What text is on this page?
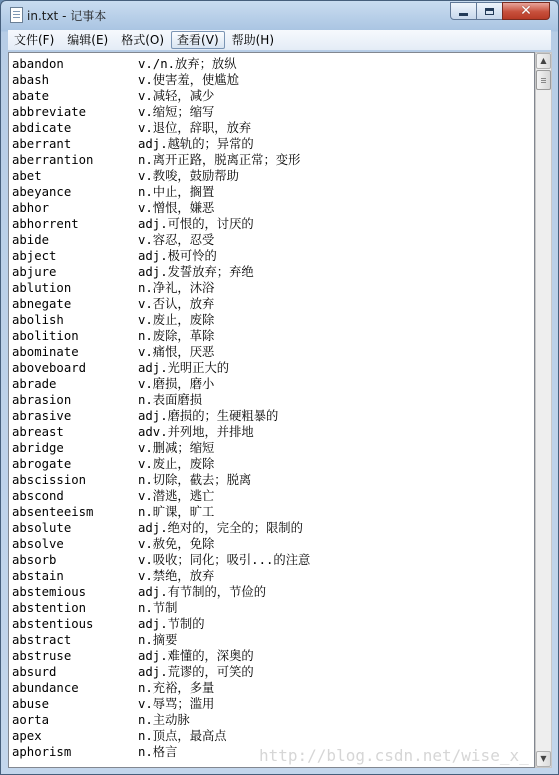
in.txt - 记事本	✕
文件(F)	编辑(E)	格式(O)	查看(V)	帮助(H)
aphorism	n.格言
apex	n.顶点，最高点
aorta	n.主动脉
abuse	v.辱骂；滥用
abundance	n.充裕，多量
absurd	adj.荒谬的，可笑的
abstruse	adj.难懂的，深奥的
abstract	n.摘要
abstentious	adj.节制的
abstention	n.节制
abstemious	adj.有节制的，节俭的
abstain	v.禁绝，放弃
absorb	v.吸收；同化；吸引...的注意
absolve	v.赦免，免除
absolute	adj.绝对的，完全的；限制的
absenteeism	n.旷课，旷工
abscond	v.潜逃，逃亡
abscission	n.切除，截去；脱离
abrogate	v.废止，废除
abridge	v.删减；缩短
abreast	adv.并列地，并排地
abrasive	adj.磨损的；生硬粗暴的
abrasion	n.表面磨损
abrade	v.磨损，磨小
aboveboard	adj.光明正大的
abominate	v.痛恨，厌恶
abolition	n.废除，革除
abolish	v.废止，废除
abnegate	v.否认，放弃
ablution	n.净礼，沐浴
abjure	adj.发誓放弃；弃绝
abject	adj.极可怜的
abide	v.容忍，忍受
abhorrent	adj.可恨的，讨厌的
abhor	v.憎恨，嫌恶
abeyance	n.中止，搁置
abet	v.教唆，鼓励帮助
aberrantion	n.离开正路，脱离正常；变形
aberrant	adj.越轨的；异常的
abdicate	v.退位，辞职，放弃
abbreviate	v.缩短；缩写
abate	v.减轻，减少
abash	v.使害羞，使尴尬
abandon	v./n.放弃；放纵
http://blog.csdn.net/wise_x_
▲
▼
